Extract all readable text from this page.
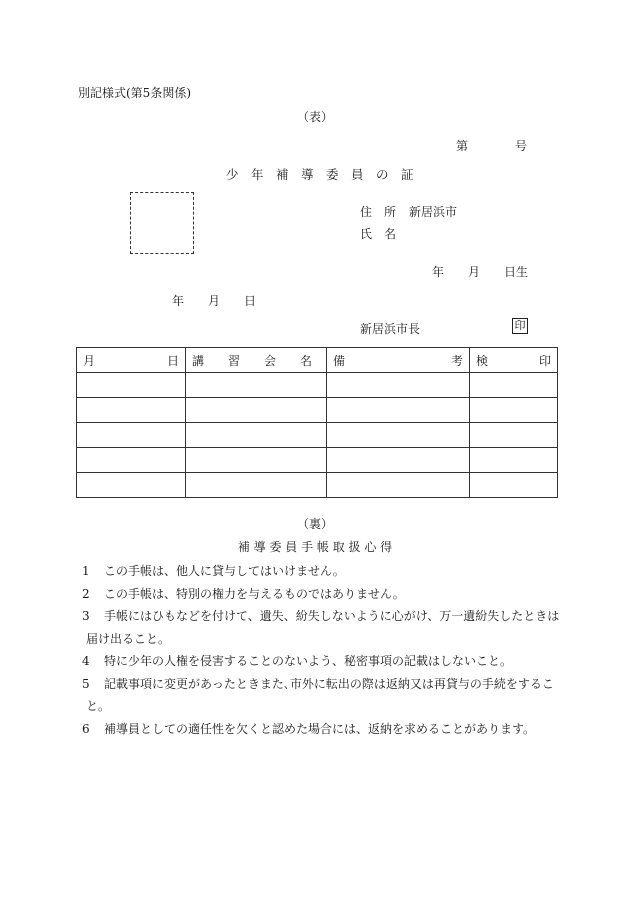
別記様式(第5条関係)
（表）
第	号
少　年　補　導　委　員　の　証
住　所 新居浜市
氏　名
年 月 日生
年 月 日
新居浜市長	印
月 日	講　　習　　会　　名	備 考	検 印

（裏）
補 導 委 員 手 帳 取 扱 心 得
1	この手帳は、他人に貸与してはいけません。
2	この手帳は、特別の権力を与えるものではありません。
3	手帳にはひもなどを付けて、遺失、紛失しないように心がけ、万一遺紛失したときは
届け出ること。
4	特に少年の人権を侵害することのないよう、秘密事項の記載はしないこと。
5	記載事項に変更があったときまた､市外に転出の際は返納又は再貸与の手続をするこ
と。
6	補導員としての適任性を欠くと認めた場合には、返納を求めることがあります。
